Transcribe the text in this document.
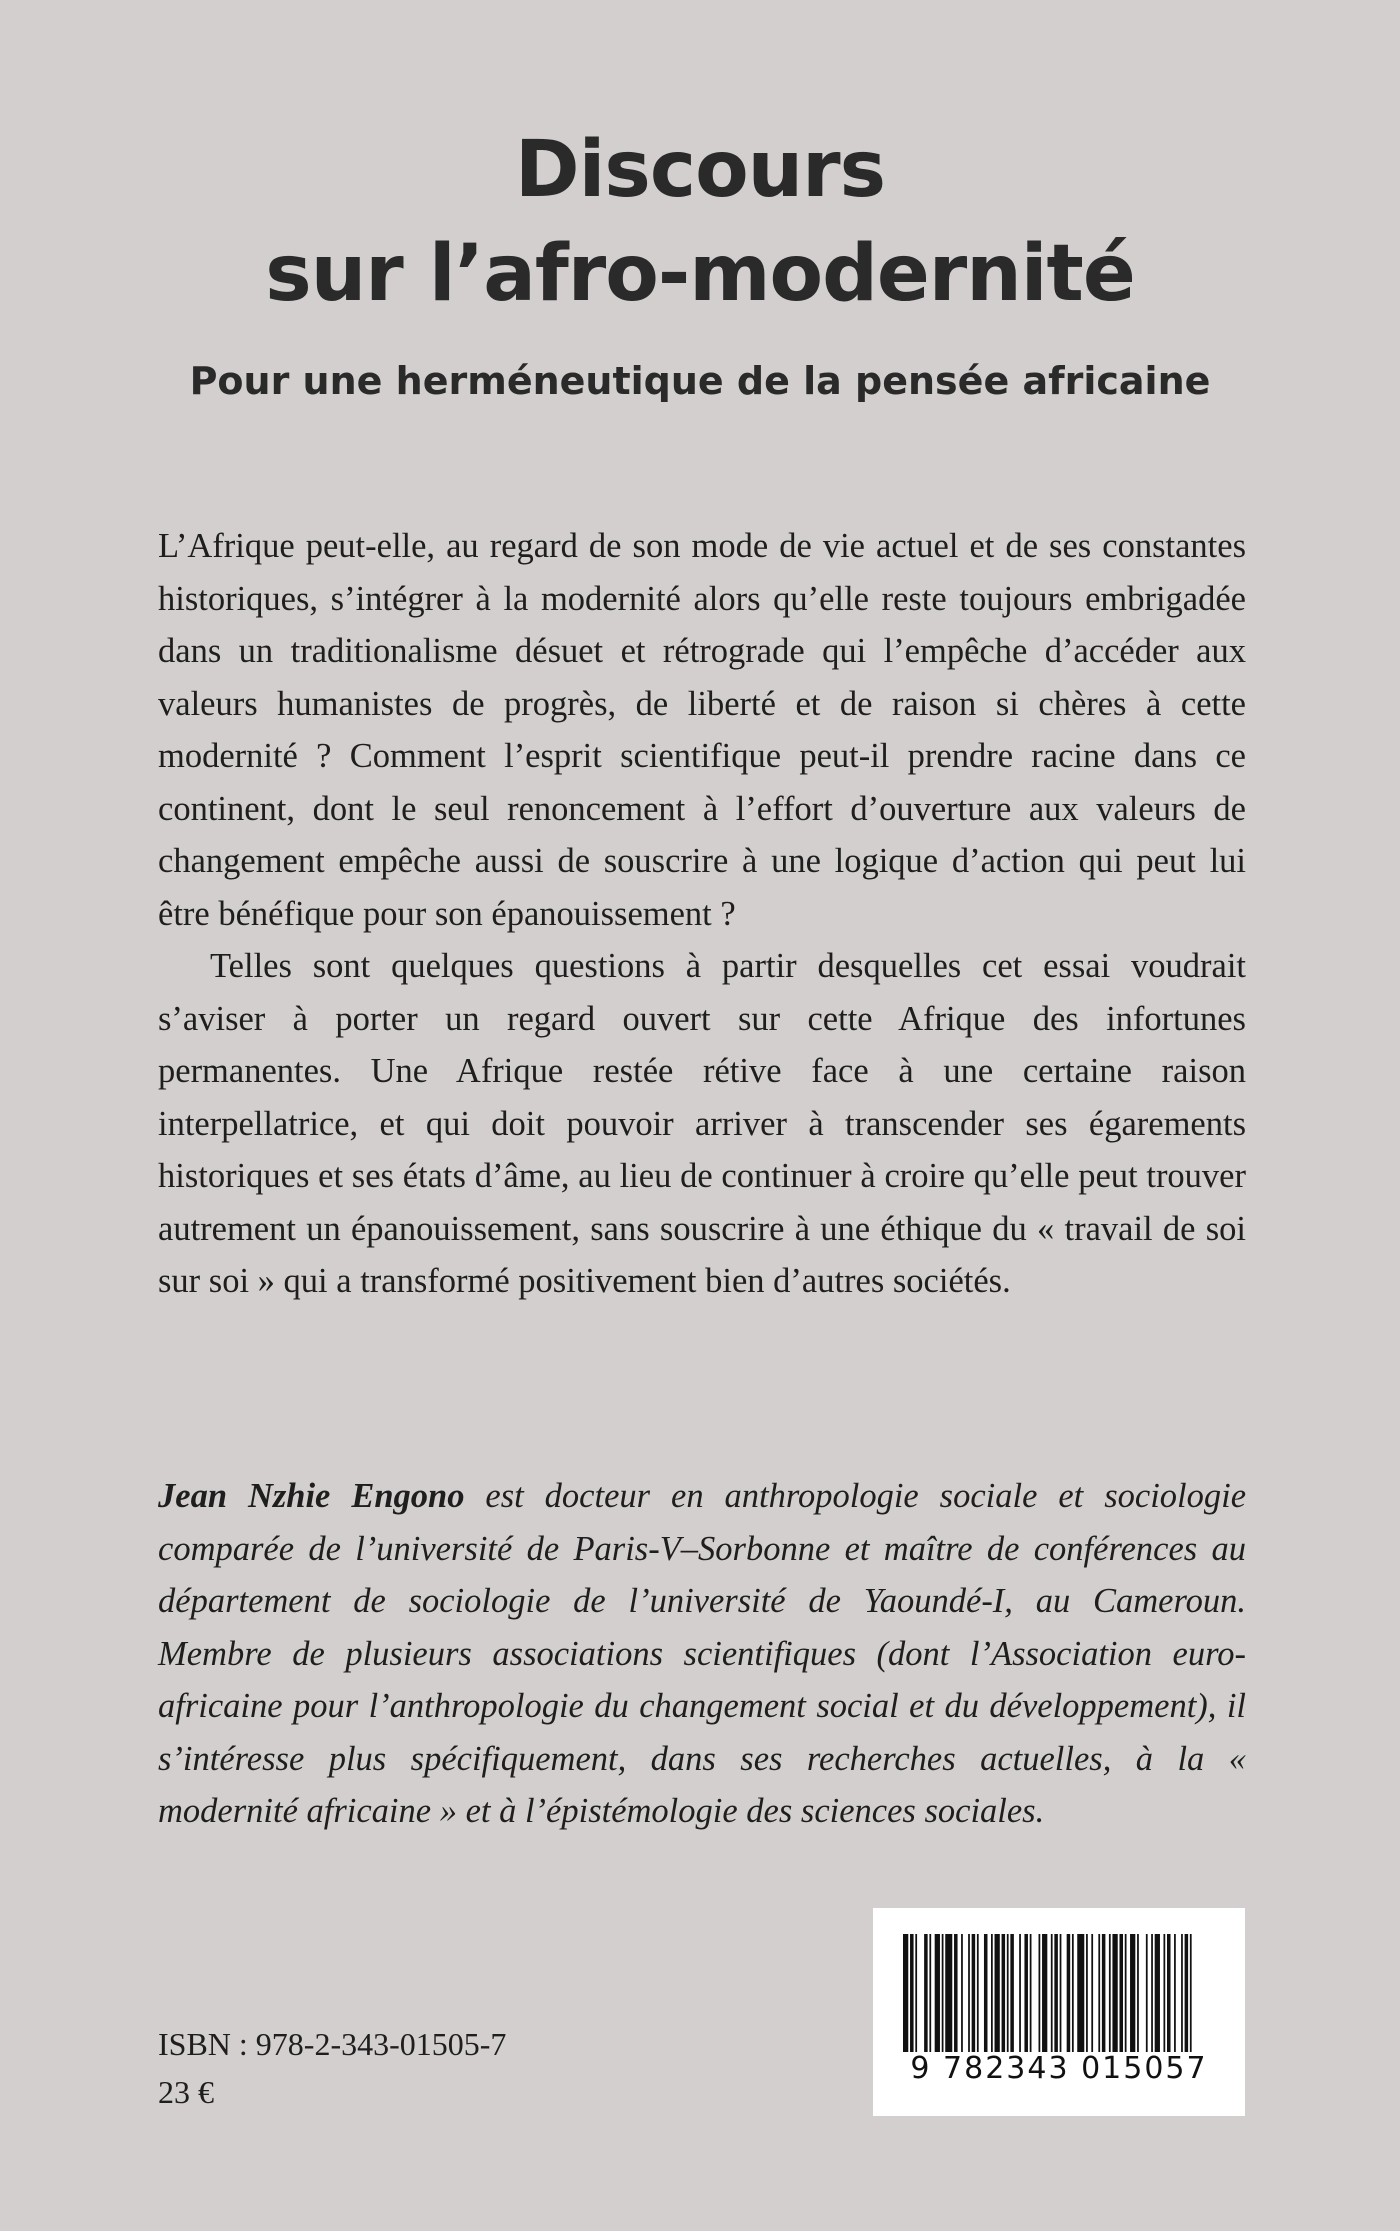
Discours
sur l’afro-modernité
Pour une herméneutique de la pensée africaine

L’Afrique peut-elle, au regard de son mode de vie actuel et de ses constantes historiques, s’intégrer à la modernité alors qu’elle reste toujours embrigadée dans un traditionalisme désuet et rétrograde qui l’empêche d’accéder aux valeurs humanistes de progrès, de liberté et de raison si chères à cette modernité ? Comment l’esprit scientifique peut-il prendre racine dans ce continent, dont le seul renoncement à l’effort d’ouverture aux valeurs de changement empêche aussi de souscrire à une logique d’action qui peut lui être bénéfique pour son épanouissement ?

Telles sont quelques questions à partir desquelles cet essai voudrait s’aviser à porter un regard ouvert sur cette Afrique des infortunes permanentes. Une Afrique restée rétive face à une certaine raison interpellatrice, et qui doit pouvoir arriver à transcender ses égarements historiques et ses états d’âme, au lieu de continuer à croire qu’elle peut trouver autrement un épanouissement, sans souscrire à une éthique du « travail de soi sur soi » qui a transformé positivement bien d’autres sociétés.

Jean Nzhie Engono est docteur en anthropologie sociale et sociologie comparée de l’université de Paris-V–Sorbonne et maître de conférences au département de sociologie de l’université de Yaoundé-I, au Cameroun. Membre de plusieurs associations scientifiques (dont l’Association euro-africaine pour l’anthropologie du changement social et du développement), il s’intéresse plus spécifiquement, dans ses recherches actuelles, à la « modernité africaine » et à l’épistémologie des sciences sociales.

ISBN : 978-2-343-01505-7

23 €

9 782343 015057
